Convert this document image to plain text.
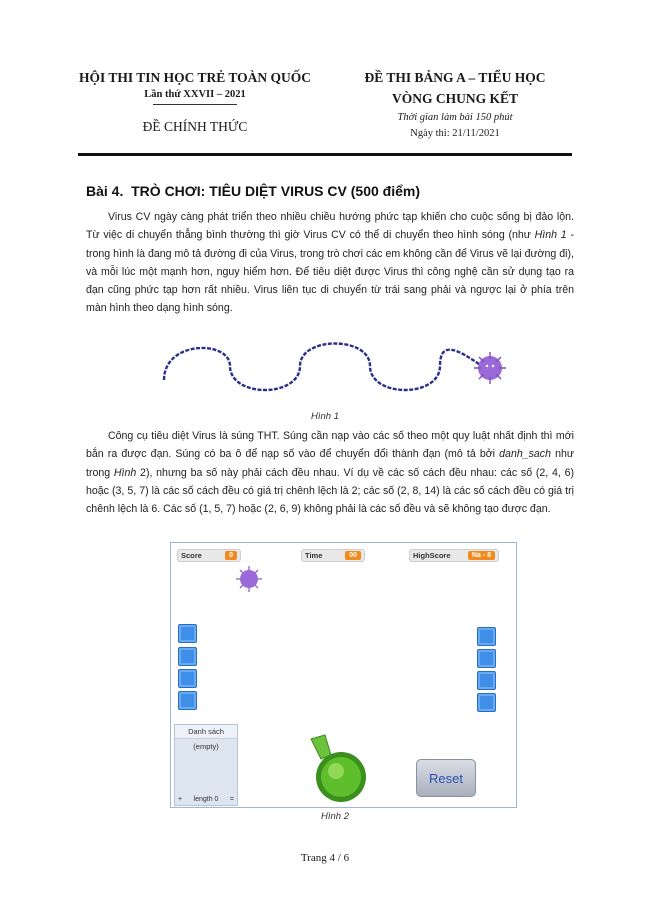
HỘI THI TIN HỌC TRẺ TOÀN QUỐC
Lần thứ XXVII – 2021
ĐỀ CHÍNH THỨC
ĐỀ THI BẢNG A – TIỂU HỌC
VÒNG CHUNG KẾT
Thời gian làm bài 150 phút
Ngày thi: 21/11/2021
Bài 4.  TRÒ CHƠI: TIÊU DIỆT VIRUS CV (500 điểm)
Virus CV ngày càng phát triển theo nhiều chiều hướng phức tạp khiến cho cuộc sống bị đảo lộn. Từ việc di chuyển thẳng bình thường thì giờ Virus CV có thể di chuyển theo hình sóng (như Hình 1 - trong hình là đang mô tả đường đi của Virus, trong trò chơi các em không cần để Virus vẽ lại đường đi), và mỗi lúc một mạnh hơn, nguy hiểm hơn. Để tiêu diệt được Virus thì công nghệ cần sử dụng tạo ra đạn cũng phức tạp hơn rất nhiều. Virus liên tục di chuyển từ trái sang phải và ngược lại ở phía trên màn hình theo dạng hình sóng.
Hình 1
Công cụ tiêu diệt Virus là súng THT. Súng cần nạp vào các số theo một quy luật nhất định thì mới bắn ra được đạn. Súng có ba ô để nạp số vào để chuyển đổi thành đạn (mô tả bởi danh_sach như trong Hình 2), nhưng ba số này phải cách đều nhau. Ví dụ về các số cách đều nhau: các số (2, 4, 6) hoặc (3, 5, 7) là các số cách đều có giá trị chênh lệch là 2; các số (2, 8, 14) là các số cách đều có giá trị chênh lệch là 6. Các số (1, 5, 7) hoặc (2, 6, 9) không phải là các số đều và sẽ không tạo được đạn.
Score	0	Time	00	HighScore	Na - 8
Danh sách
(empty)
+ length 0 =
Reset
Hình 2
Trang 4 / 6
